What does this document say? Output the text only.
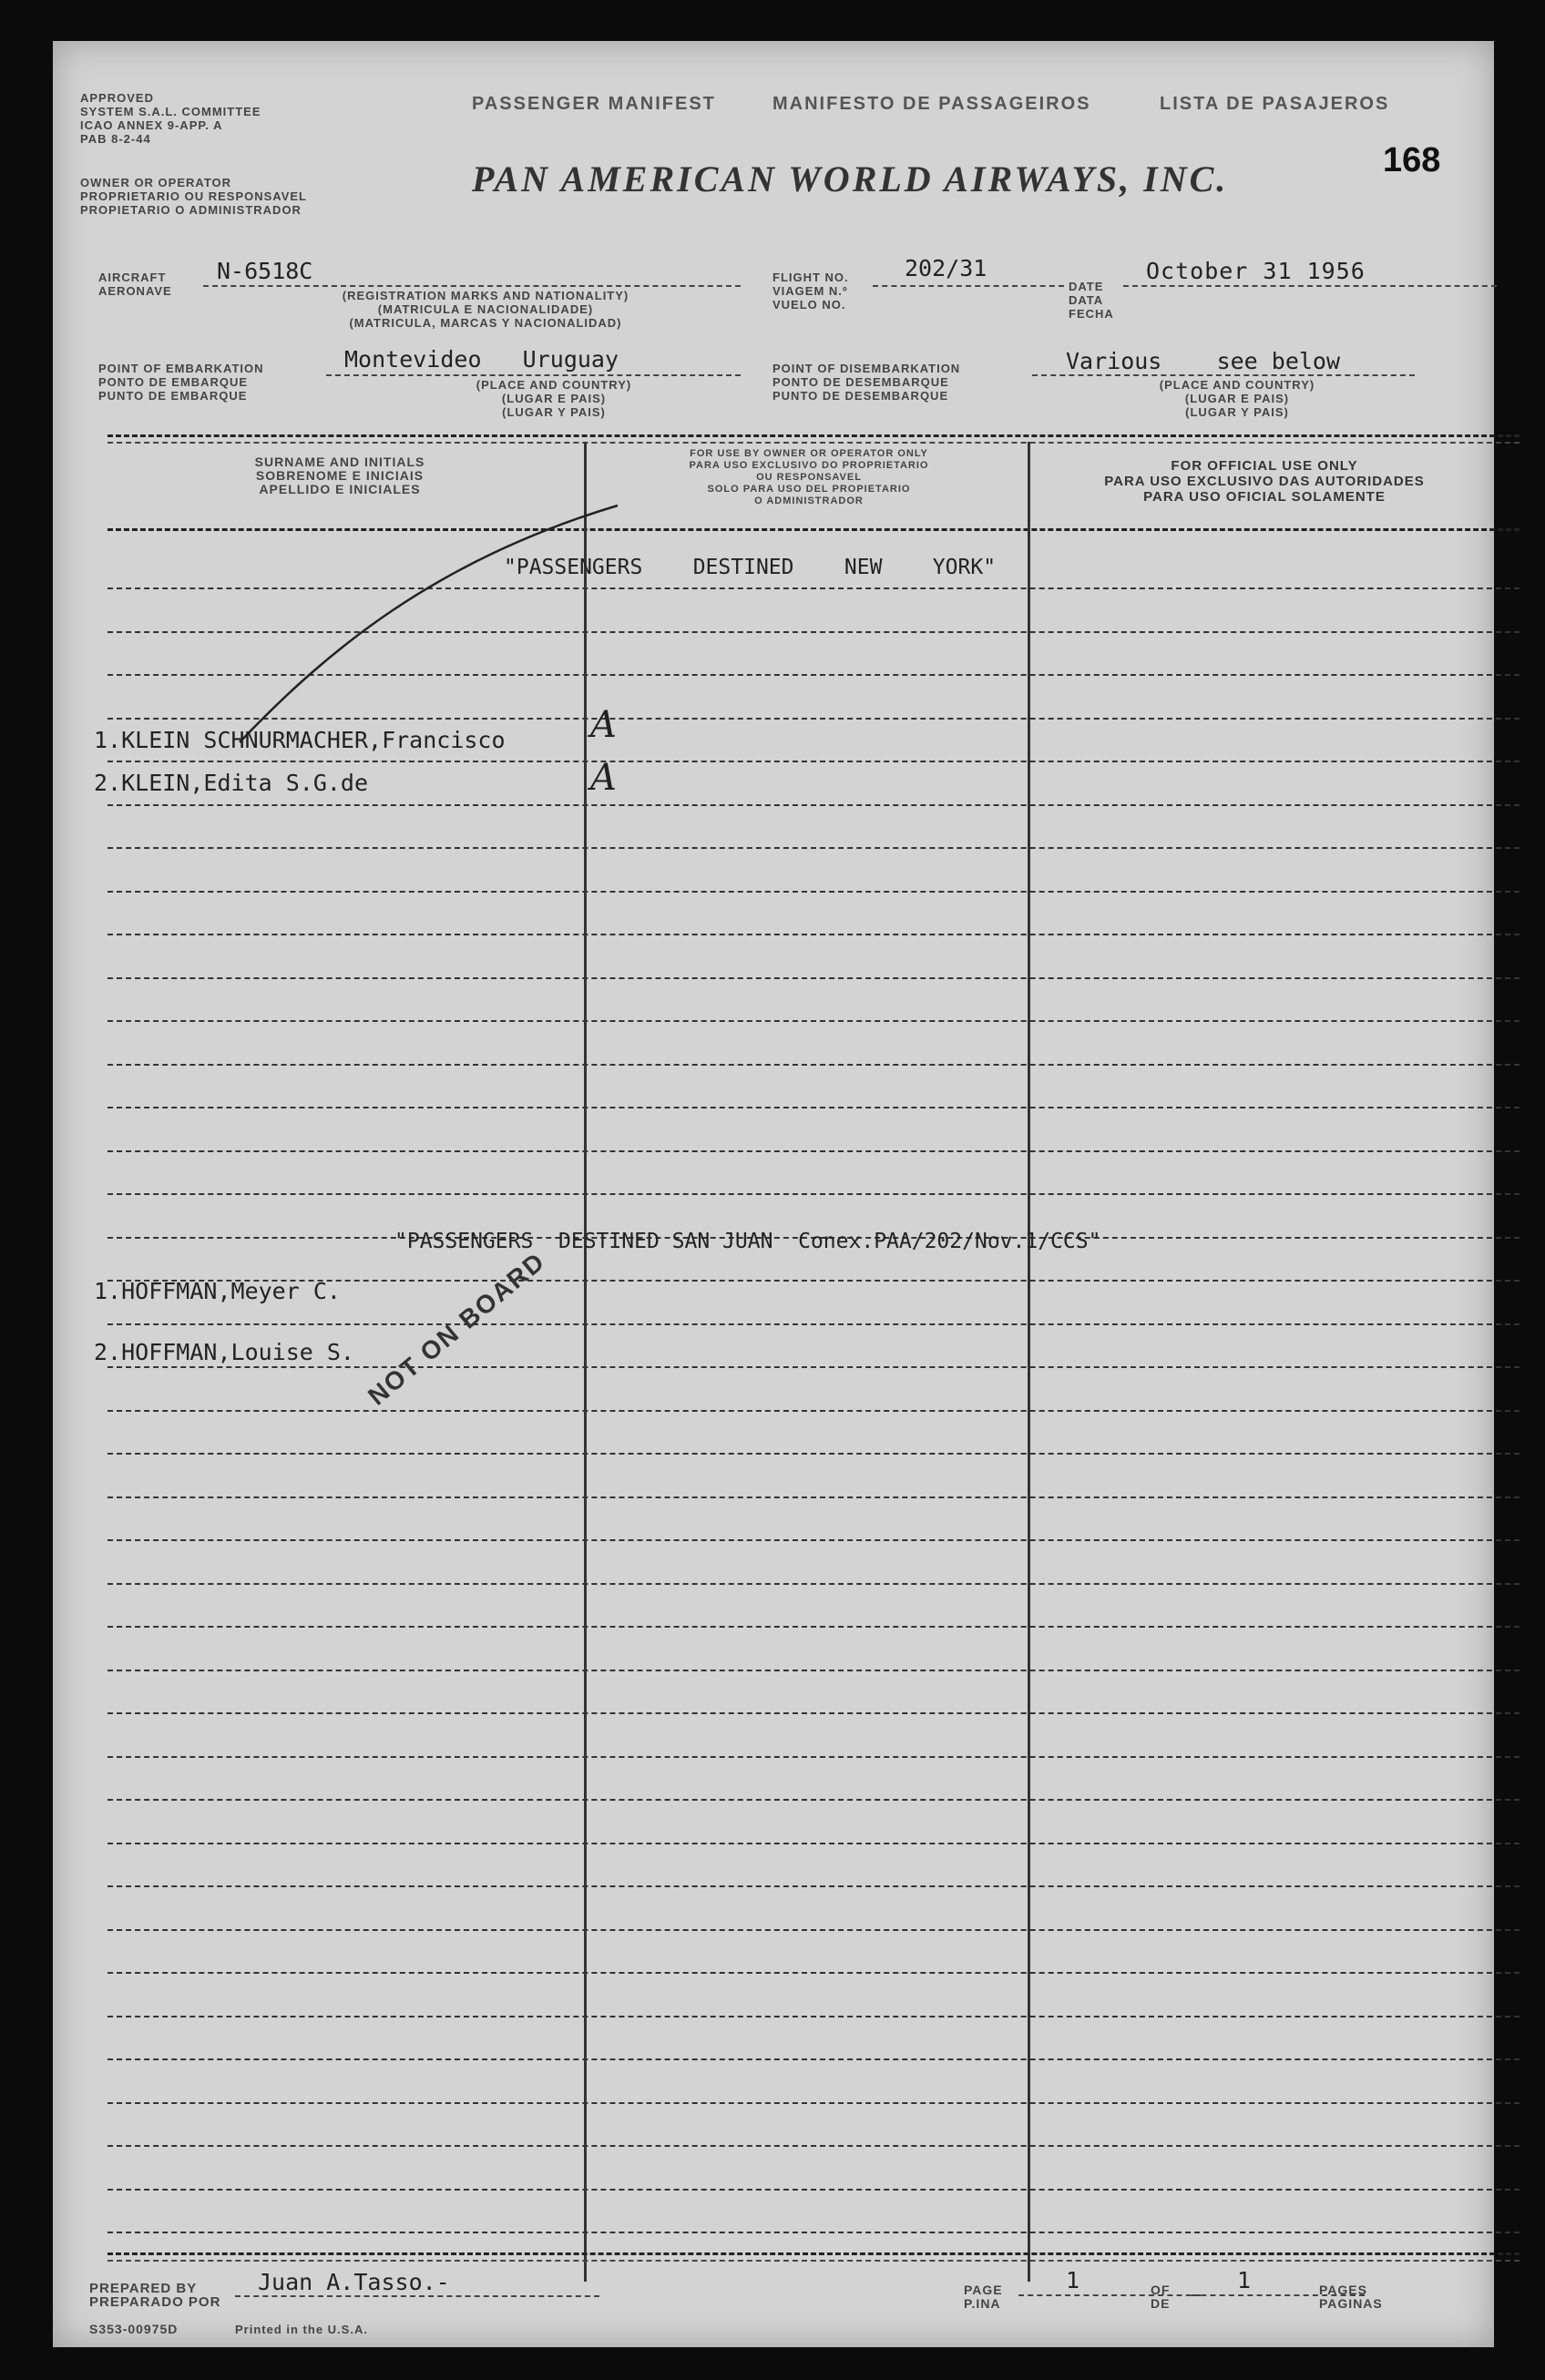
APPROVED
SYSTEM S.A.L. COMMITTEE
ICAO ANNEX 9-APP. A
PAB 8-2-44
OWNER OR OPERATOR
PROPRIETARIO OU RESPONSAVEL
PROPIETARIO O ADMINISTRADOR
PASSENGER MANIFEST	MANIFESTO DE PASSAGEIROS	LISTA DE PASAJEROS
PAN AMERICAN WORLD AIRWAYS, INC.	168
AIRCRAFT
AERONAVE
N-6518C
(REGISTRATION MARKS AND NATIONALITY)
(MATRICULA E NACIONALIDADE)
(MATRICULA, MARCAS Y NACIONALIDAD)
FLIGHT NO.
VIAGEM N.º
VUELO NO.
202/31
DATE
DATA
FECHA
October 31 1956
POINT OF EMBARKATION
PONTO DE EMBARQUE
PUNTO DE EMBARQUE
Montevideo   Uruguay
(PLACE AND COUNTRY)
(LUGAR E PAIS)
(LUGAR Y PAIS)
POINT OF DISEMBARKATION
PONTO DE DESEMBARQUE
PUNTO DE DESEMBARQUE
Various    see below
(PLACE AND COUNTRY)
(LUGAR E PAIS)
(LUGAR Y PAIS)
SURNAME AND INITIALS
SOBRENOME E INICIAIS
APELLIDO E INICIALES
FOR USE BY OWNER OR OPERATOR ONLY
PARA USO EXCLUSIVO DO PROPRIETARIO
OU RESPONSAVEL
SOLO PARA USO DEL PROPIETARIO
O ADMINISTRADOR
FOR OFFICIAL USE ONLY
PARA USO EXCLUSIVO DAS AUTORIDADES
PARA USO OFICIAL SOLAMENTE
"PASSENGERS    DESTINED    NEW    YORK"
1.KLEIN SCHNURMACHER,Francisco A
2.KLEIN,Edita S.G.de	A
"PASSENGERS  DESTINED SAN JUAN  Conex.PAA/202/Nov.1/CCS"
1.HOFFMAN,Meyer C.
2.HOFFMAN,Louise S. NOT ON BOARD
PREPARED BY
PREPARADO POR
Juan A.Tasso.-
S353-00975D	Printed in the U.S.A.
PAGE
P.INA
1	OF
DE
1	PAGES
PAGINAS
